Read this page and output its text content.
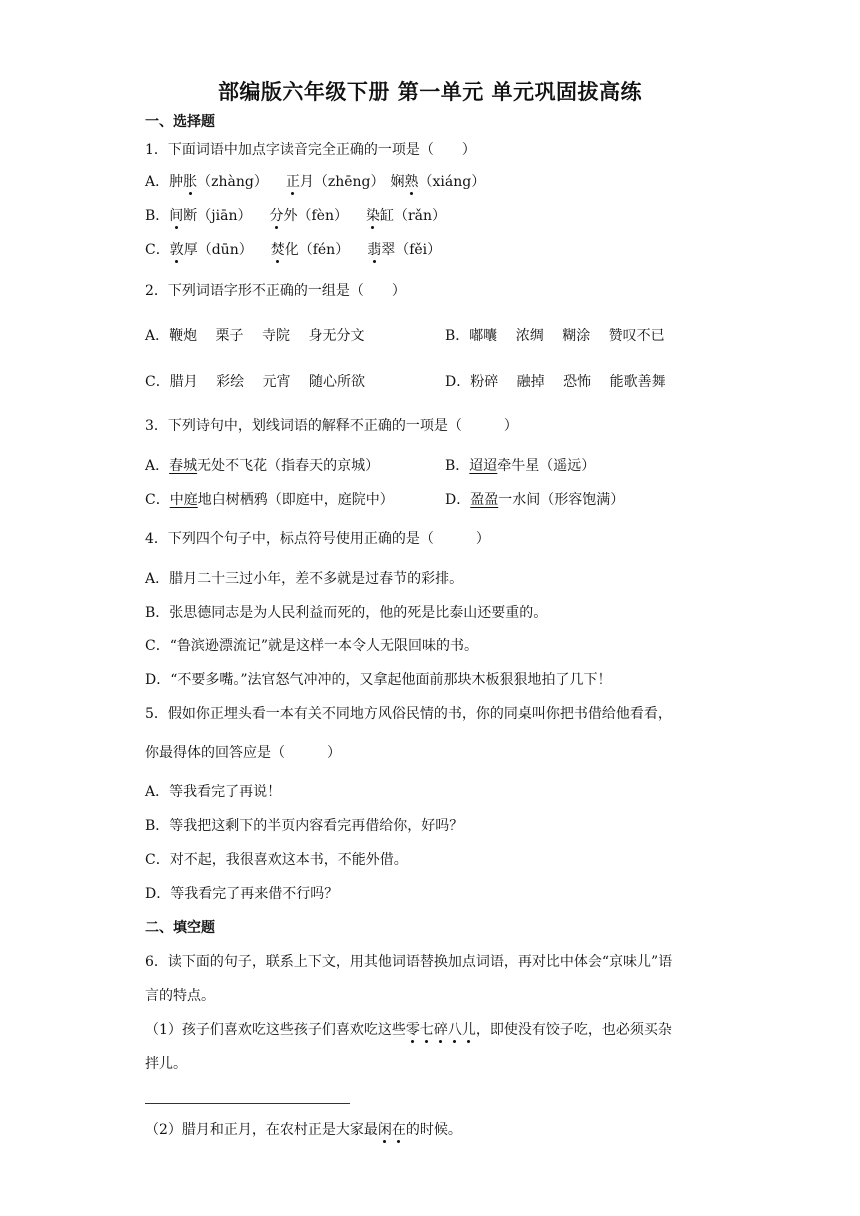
部编版六年级下册 第一单元 单元巩固拔高练
一、选择题
1．下面词语中加点字读音完全正确的一项是（　　）
A．肿胀（zhàng） 正月（zhēng） 娴熟（xiáng）
B．间断（jiān） 分外（fèn） 染缸（rǎn）
C．敦厚（dūn） 焚化（fén） 翡翠（fěi）
2．下列词语字形不正确的一组是（　　）
A．鞭炮　 栗子　 寺院　 身无分文	B．嘟囔　 浓绸　 糊涂　 赞叹不已
C．腊月　 彩绘　 元宵　 随心所欲	D．粉碎　 融掉　 恐怖　 能歌善舞
3．下列诗句中，划线词语的解释不正确的一项是（　　　）
A．春城无处不飞花（指春天的京城）	B．迢迢牵牛星（遥远）
C．中庭地白树栖鸦（即庭中，庭院中）	D．盈盈一水间（形容饱满）
4．下列四个句子中，标点符号使用正确的是（　　　）
A．腊月二十三过小年，差不多就是过春节的彩排。
B．张思德同志是为人民利益而死的，他的死是比泰山还要重的。
C．“鲁滨逊漂流记”就是这样一本令人无限回味的书。
D．“不要多嘴。”法官怒气冲冲的，又拿起他面前那块木板狠狠地拍了几下！
5．假如你正埋头看一本有关不同地方风俗民情的书，你的同桌叫你把书借给他看看，
你最得体的回答应是（　　　）
A．等我看完了再说！
B．等我把这剩下的半页内容看完再借给你，好吗？
C．对不起，我很喜欢这本书，不能外借。
D．等我看完了再来借不行吗？
二、填空题
6．读下面的句子，联系上下文，用其他词语替换加点词语，再对比中体会“京味儿”语
言的特点。
（1）孩子们喜欢吃这些孩子们喜欢吃这些零七碎八儿，即使没有饺子吃，也必须买杂
拌儿。
（2）腊月和正月，在农村正是大家最闲在的时候。
